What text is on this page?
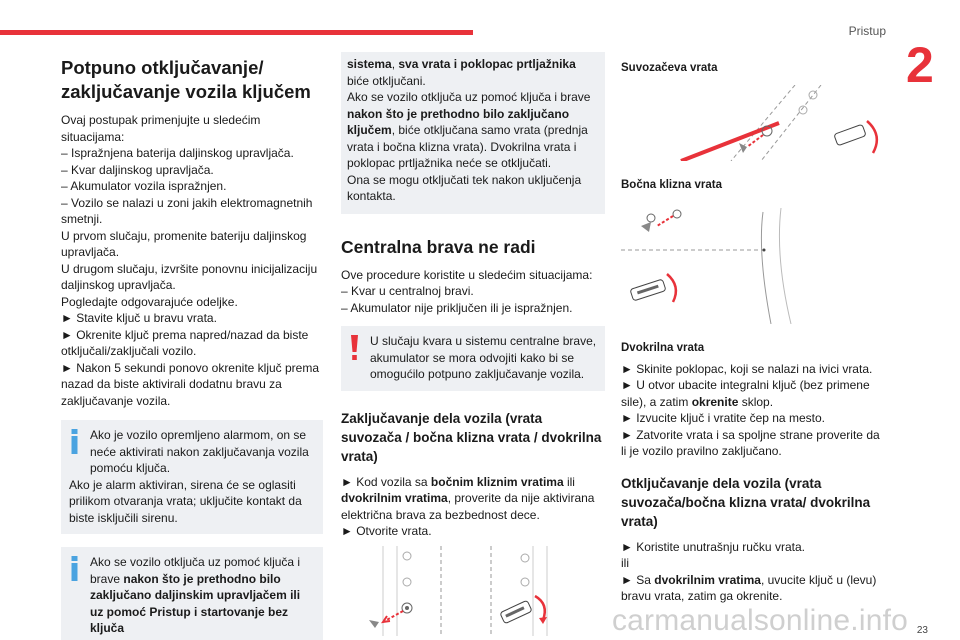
Pristup
2
Potpuno otključavanje/ zaključavanje vozila ključem

Ovaj postupak primenjujte u sledećim situacijama:

– Ispražnjena baterija daljinskog upravljača.

– Kvar daljinskog upravljača.

– Akumulator vozila ispražnjen.

– Vozilo se nalazi u zoni jakih elektromagnetnih smetnji.

U prvom slučaju, promenite bateriju daljinskog upravljača.

U drugom slučaju, izvršite ponovnu inicijalizaciju daljinskog upravljača.

Pogledajte odgovarajuće odeljke.

► Stavite ključ u bravu vrata.

► Okrenite ključ prema napred/nazad da biste otključali/zaključali vozilo.

► Nakon 5 sekundi ponovo okrenite ključ prema nazad da biste aktivirali dodatnu bravu za zaključavanje vozila.

Ako je vozilo opremljeno alarmom, on se neće aktivirati nakon zaključavanja vozila pomoću ključa.

Ako je alarm aktiviran, sirena će se oglasiti prilikom otvaranja vrata; uključite kontakt da biste isključili sirenu.

Ako se vozilo otključa uz pomoć ključa i brave nakon što je prethodno bilo zaključano daljinskim upravljačem ili uz pomoć Pristup i startovanje bez ključa

sistema, sva vrata i poklopac prtljažnika biće otključani.

Ako se vozilo otključa uz pomoć ključa i brave nakon što je prethodno bilo zaključano ključem, biće otključana samo vrata (prednja vrata i bočna klizna vrata). Dvokrilna vrata i poklopac prtljažnika neće se otključati.

Ona se mogu otključati tek nakon uključenja kontakta.

Centralna brava ne radi

Ove procedure koristite u sledećim situacijama:

– Kvar u centralnoj bravi.

– Akumulator nije priključen ili je ispražnjen.

U slučaju kvara u sistemu centralne brave, akumulator se mora odvojiti kako bi se omogućilo potpuno zaključavanje vozila.

Zaključavanje dela vozila (vrata suvozača / bočna klizna vrata / dvokrilna vrata)

► Kod vozila sa bočnim kliznim vratima ili dvokrilnim vratima, proverite da nije aktivirana električna brava za bezbednost dece.

► Otvorite vrata.

Suvozačeva vrata

Bočna klizna vrata

Dvokrilna vrata

► Skinite poklopac, koji se nalazi na ivici vrata.

► U otvor ubacite integralni ključ (bez primene sile), a zatim okrenite sklop.

► Izvucite ključ i vratite čep na mesto.

► Zatvorite vrata i sa spoljne strane proverite da li je vozilo pravilno zaključano.

Otključavanje dela vozila (vrata suvozača/bočna klizna vrata/ dvokrilna vrata)

► Koristite unutrašnju ručku vrata.

ili

► Sa dvokrilnim vratima, uvucite ključ u (levu) bravu vrata, zatim ga okrenite.

carmanualsonline.info 23
